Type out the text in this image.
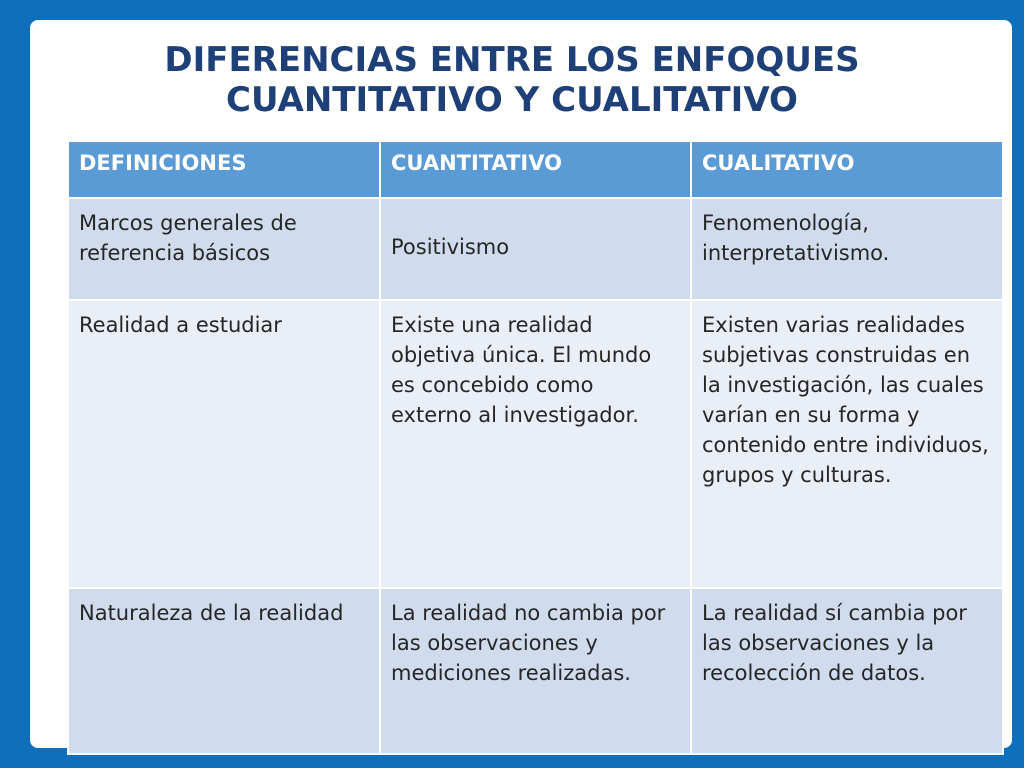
DIFERENCIAS ENTRE LOS ENFOQUES
CUANTITATIVO Y CUALITATIVO
DEFINICIONES	CUANTITATIVO	CUALITATIVO
Marcos generales de referencia básicos	Positivismo	Fenomenología, interpretativismo.
Realidad a estudiar	Existe una realidad objetiva única. El mundo es concebido como externo al investigador.	Existen varias realidades subjetivas construidas en la investigación, las cuales varían en su forma y contenido entre individuos, grupos y culturas.
Naturaleza de la realidad	La realidad no cambia por las observaciones y mediciones realizadas.	La realidad sí cambia por las observaciones y la recolección de datos.
